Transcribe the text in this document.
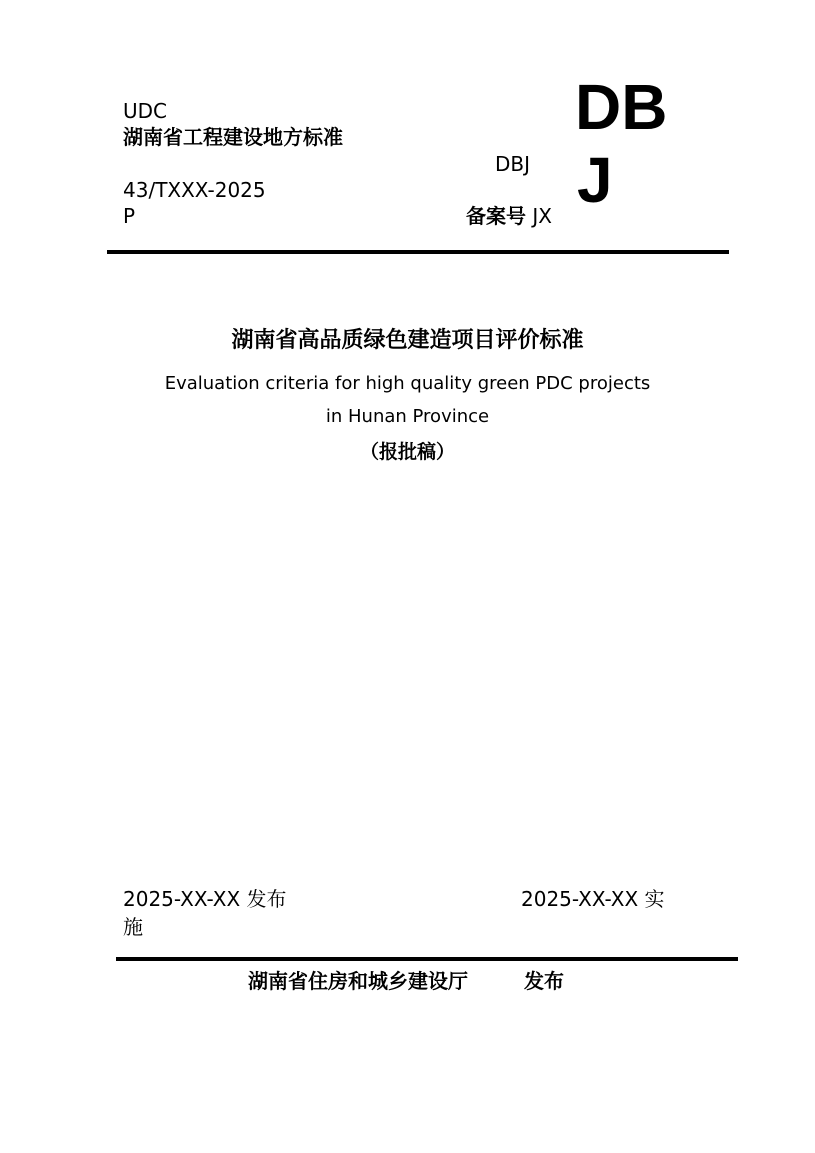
UDC
湖南省工程建设地方标准
43/TXXX-2025
P
DB
J
DBJ
备案号 JX
湖南省高品质绿色建造项目评价标准
Evaluation criteria for high quality green PDC projects
in Hunan Province
（报批稿）
2025-XX-XX 发布
施
2025-XX-XX 实
湖南省住房和城乡建设厅	发布
